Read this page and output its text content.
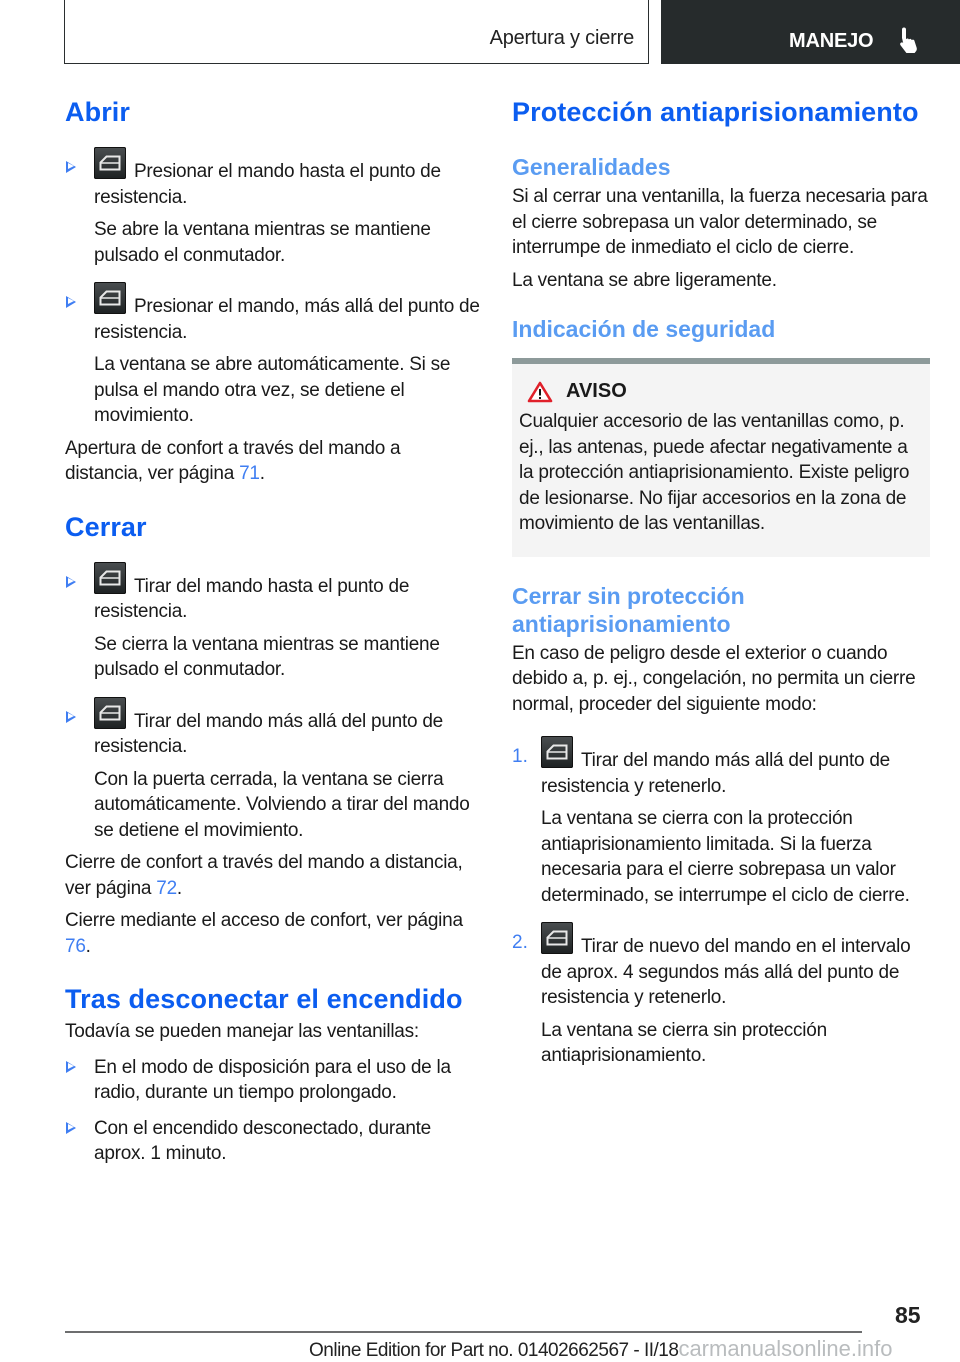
Apertura y cierre	MANEJO
Abrir

Presionar el mando hasta el punto de resistencia.

Se abre la ventana mientras se mantiene pulsado el conmutador.

Presionar el mando, más allá del punto de resistencia.

La ventana se abre automáticamente. Si se pulsa el mando otra vez, se detiene el movimiento.

Apertura de confort a través del mando a distancia, ver página 71.

Cerrar

Tirar del mando hasta el punto de resistencia.

Se cierra la ventana mientras se mantiene pulsado el conmutador.

Tirar del mando más allá del punto de resistencia.

Con la puerta cerrada, la ventana se cierra automáticamente. Volviendo a tirar del mando se detiene el movimiento.

Cierre de confort a través del mando a distancia, ver página 72.

Cierre mediante el acceso de confort, ver página 76.

Tras desconectar el encendido

Todavía se pueden manejar las ventanillas:

En el modo de disposición para el uso de la radio, durante un tiempo prolongado.

Con el encendido desconectado, durante aprox. 1 minuto.

Protección antiaprisionamiento
Generalidades

Si al cerrar una ventanilla, la fuerza necesaria para el cierre sobrepasa un valor determinado, se interrumpe de inmediato el ciclo de cierre.

La ventana se abre ligeramente.

Indicación de seguridad
AVISO

Cualquier accesorio de las ventanillas como, p. ej., las antenas, puede afectar negativamente a la protección antiaprisionamiento. Existe peligro de lesionarse. No fijar accesorios en la zona de movimiento de las ventanillas.

Cerrar sin protección antiaprisionamiento

En caso de peligro desde el exterior o cuando debido a, p. ej., congelación, no permita un cierre normal, proceder del siguiente modo:

1.	Tirar del mando más allá del punto de resistencia y retenerlo.

La ventana se cierra con la protección antiaprisionamiento limitada. Si la fuerza necesaria para el cierre sobrepasa un valor determinado, se interrumpe el ciclo de cierre.

2.	Tirar de nuevo del mando en el intervalo de aprox. 4 segundos más allá del punto de resistencia y retenerlo.

La ventana se cierra sin protección antiaprisionamiento.

85
Online Edition for Part no. 01402662567 - II/18carmanualsonline.info
